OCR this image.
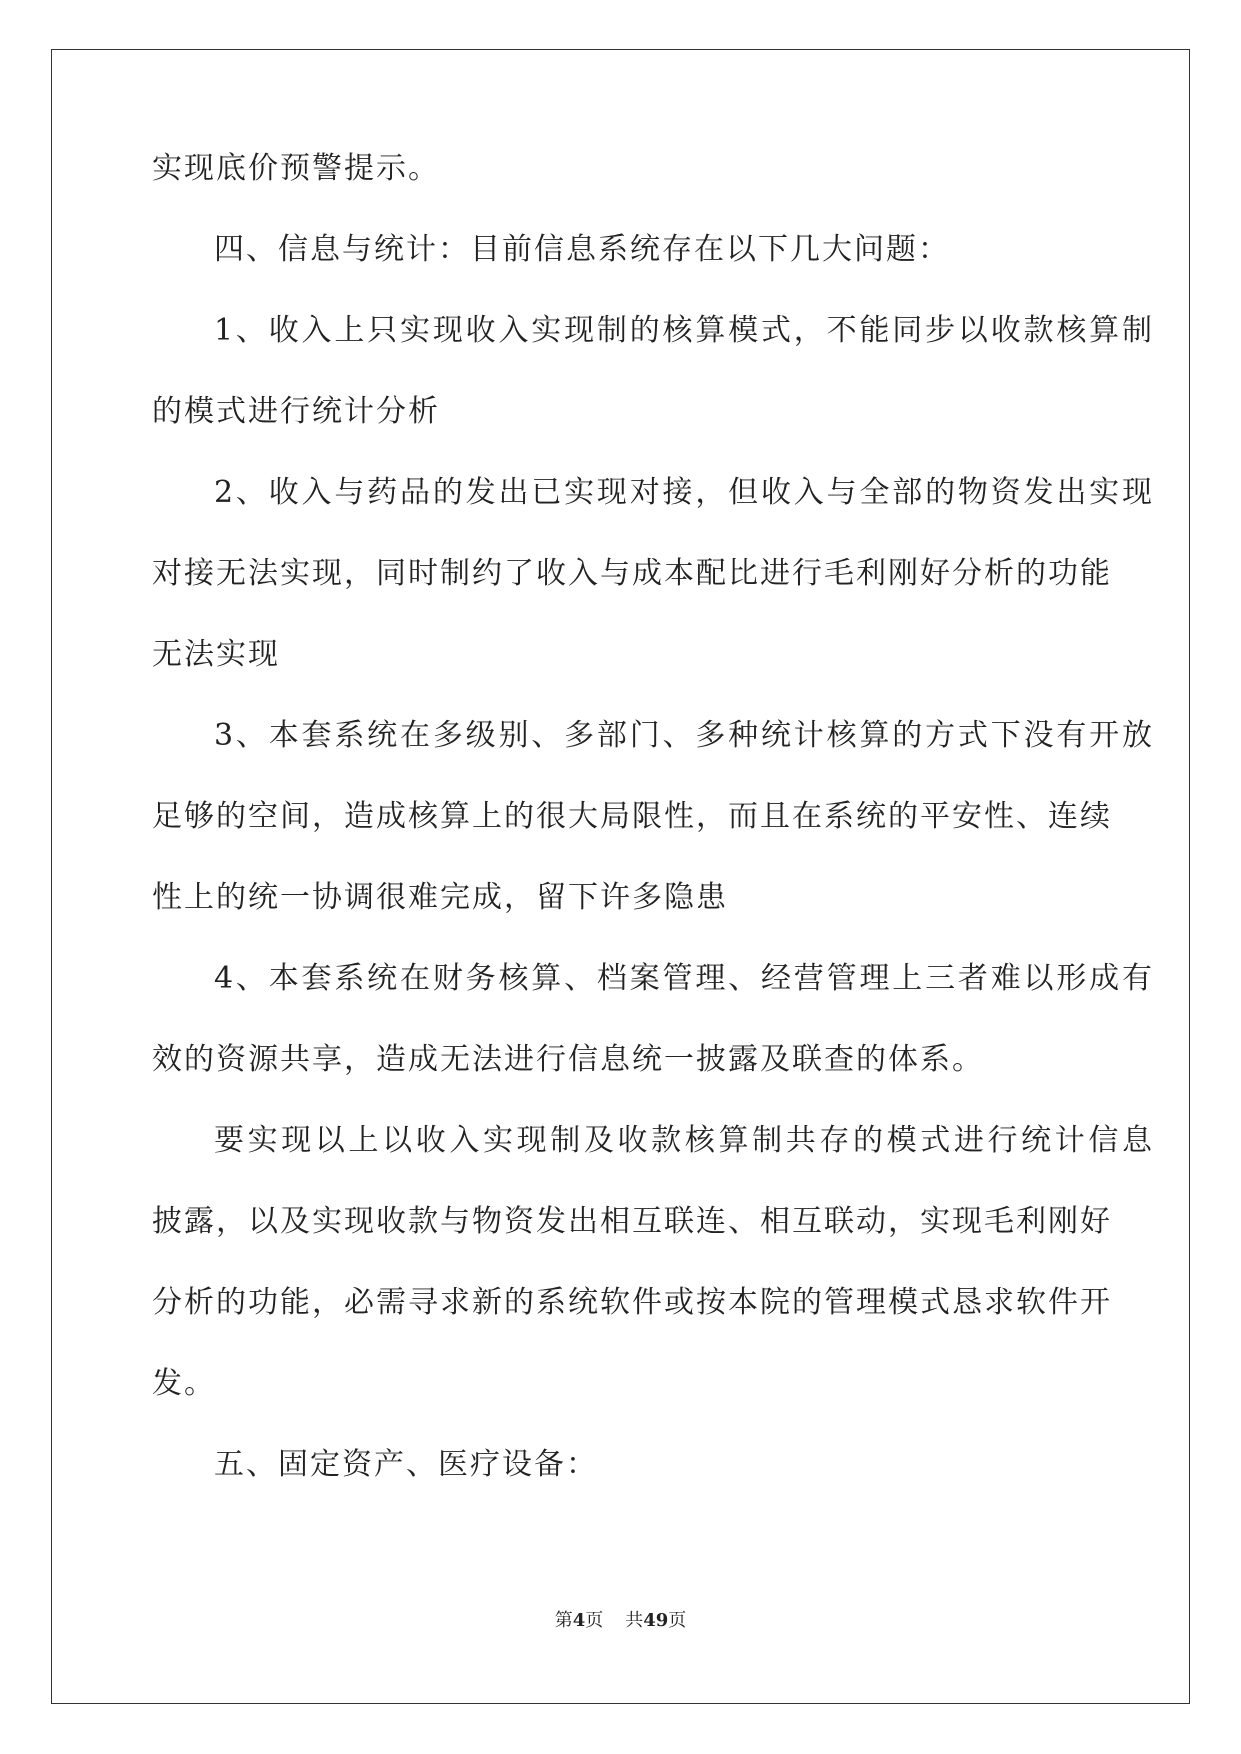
实现底价预警提示。
四、信息与统计：目前信息系统存在以下几大问题：
1、收入上只实现收入实现制的核算模式，不能同步以收款核算制
的模式进行统计分析
2、收入与药品的发出已实现对接，但收入与全部的物资发出实现
对接无法实现，同时制约了收入与成本配比进行毛利刚好分析的功能
无法实现
3、本套系统在多级别、多部门、多种统计核算的方式下没有开放
足够的空间，造成核算上的很大局限性，而且在系统的平安性、连续
性上的统一协调很难完成，留下许多隐患
4、本套系统在财务核算、档案管理、经营管理上三者难以形成有
效的资源共享，造成无法进行信息统一披露及联查的体系。
要实现以上以收入实现制及收款核算制共存的模式进行统计信息
披露，以及实现收款与物资发出相互联连、相互联动，实现毛利刚好
分析的功能，必需寻求新的系统软件或按本院的管理模式恳求软件开
发。
五、固定资产、医疗设备：
第4页 共49页
